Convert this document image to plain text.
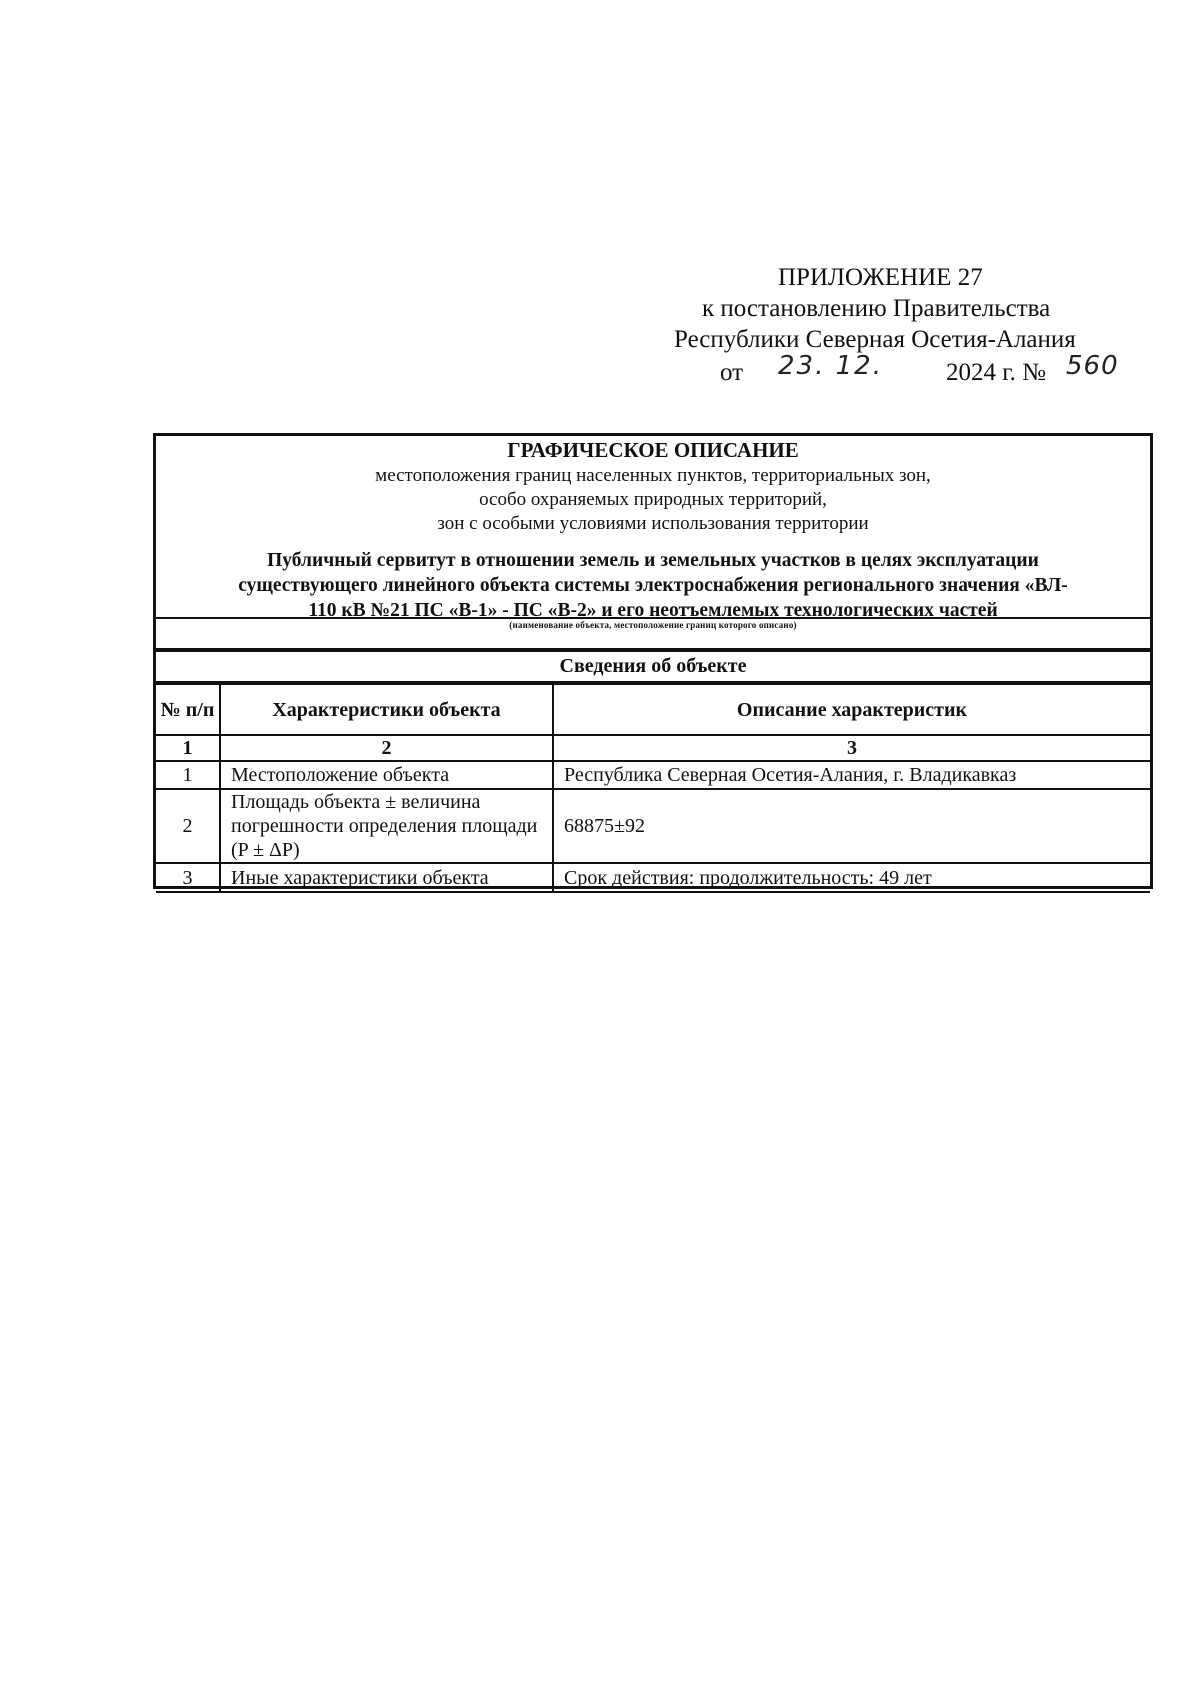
ПРИЛОЖЕНИЕ 27
к постановлению Правительства
Республики Северная Осетия-Алания
от 23. 12.	2024 г. № 560
ГРАФИЧЕСКОЕ ОПИСАНИЕ
местоположения границ населенных пунктов, территориальных зон,
особо охраняемых природных территорий,
зон с особыми условиями использования территории
Публичный сервитут в отношении земель и земельных участков в целях эксплуатации
существующего линейного объекта системы электроснабжения регионального значения «ВЛ-
110 кВ №21 ПС «В-1» - ПС «В-2» и его неотъемлемых технологических частей
(наименование объекта, местоположение границ которого описано)
Сведения об объекте
№ п/п	Характеристики объекта	Описание характеристик
1	2	3
1	Местоположение объекта	Республика Северная Осетия-Алания, г. Владикавказ
2	Площадь объекта ± величина погрешности определения площади (P ± ΔP)	68875±92
3	Иные характеристики объекта	Срок действия: продолжительность: 49 лет
